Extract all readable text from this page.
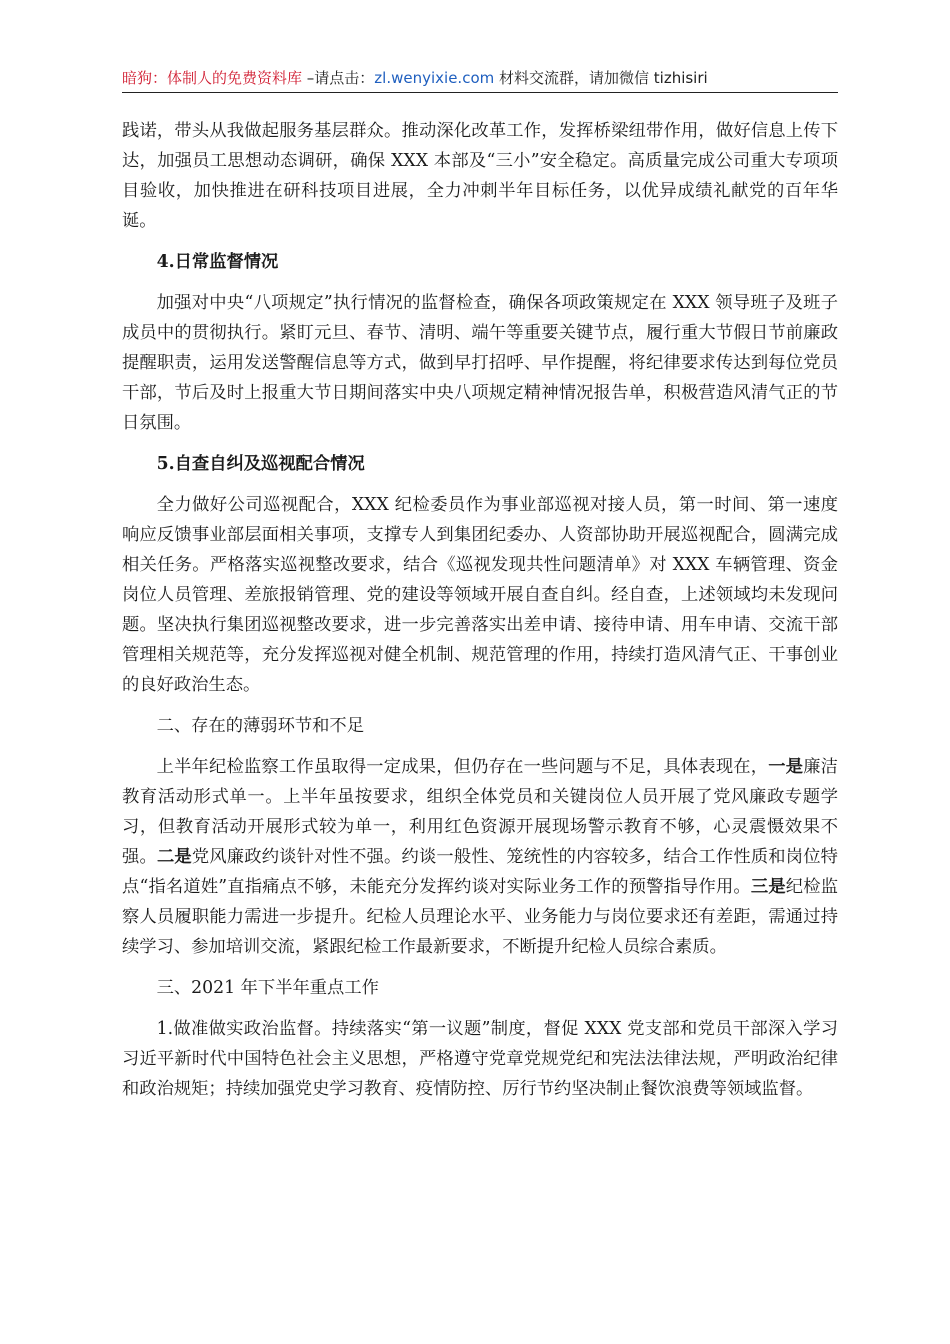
暗狗：体制人的免费资料库 –请点击：zl.wenyixie.com 材料交流群，请加微信 tizhisiri

践诺，带头从我做起服务基层群众。推动深化改革工作，发挥桥梁纽带作用，做好信息上传下达，加强员工思想动态调研，确保 XXX 本部及“三小”安全稳定。高质量完成公司重大专项项目验收，加快推进在研科技项目进展，全力冲刺半年目标任务，以优异成绩礼献党的百年华诞。

4.日常监督情况

加强对中央“八项规定”执行情况的监督检查，确保各项政策规定在 XXX 领导班子及班子成员中的贯彻执行。紧盯元旦、春节、清明、端午等重要关键节点，履行重大节假日节前廉政提醒职责，运用发送警醒信息等方式，做到早打招呼、早作提醒，将纪律要求传达到每位党员干部，节后及时上报重大节日期间落实中央八项规定精神情况报告单，积极营造风清气正的节日氛围。

5.自查自纠及巡视配合情况

全力做好公司巡视配合，XXX 纪检委员作为事业部巡视对接人员，第一时间、第一速度响应反馈事业部层面相关事项，支撑专人到集团纪委办、人资部协助开展巡视配合，圆满完成相关任务。严格落实巡视整改要求，结合《巡视发现共性问题清单》对 XXX 车辆管理、资金岗位人员管理、差旅报销管理、党的建设等领域开展自查自纠。经自查，上述领域均未发现问题。坚决执行集团巡视整改要求，进一步完善落实出差申请、接待申请、用车申请、交流干部管理相关规范等，充分发挥巡视对健全机制、规范管理的作用，持续打造风清气正、干事创业的良好政治生态。

二、存在的薄弱环节和不足

上半年纪检监察工作虽取得一定成果，但仍存在一些问题与不足，具体表现在，一是廉洁教育活动形式单一。上半年虽按要求，组织全体党员和关键岗位人员开展了党风廉政专题学习，但教育活动开展形式较为单一，利用红色资源开展现场警示教育不够，心灵震慑效果不强。二是党风廉政约谈针对性不强。约谈一般性、笼统性的内容较多，结合工作性质和岗位特点“指名道姓”直指痛点不够，未能充分发挥约谈对实际业务工作的预警指导作用。三是纪检监察人员履职能力需进一步提升。纪检人员理论水平、业务能力与岗位要求还有差距，需通过持续学习、参加培训交流，紧跟纪检工作最新要求，不断提升纪检人员综合素质。

三、2021 年下半年重点工作

1.做准做实政治监督。持续落实“第一议题”制度，督促 XXX 党支部和党员干部深入学习习近平新时代中国特色社会主义思想，严格遵守党章党规党纪和宪法法律法规，严明政治纪律和政治规矩；持续加强党史学习教育、疫情防控、厉行节约坚决制止餐饮浪费等领域监督。
